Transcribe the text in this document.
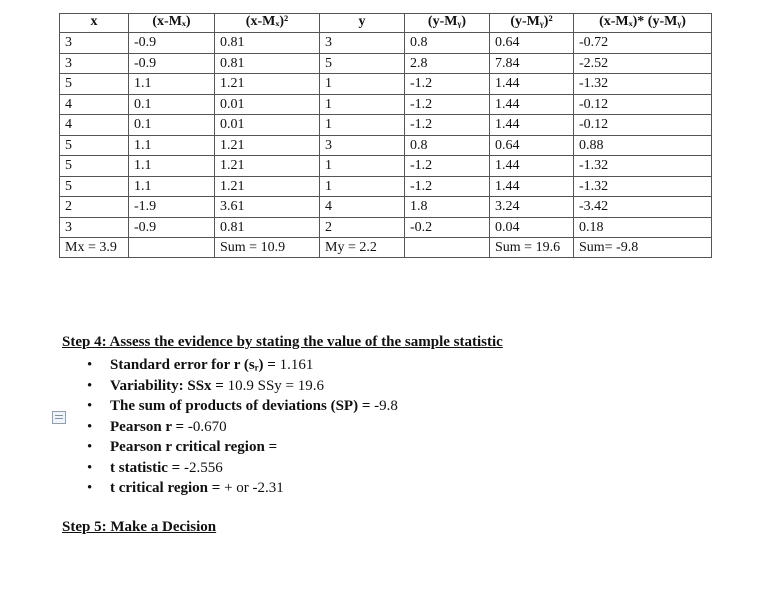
x	(x-Mₓ)	(x-Mₓ)²	y	(y-Mᵧ)	(y-Mᵧ)²	(x-Mₓ)* (y-Mᵧ)
3	-0.9	0.81	3	0.8	0.64	-0.72
3	-0.9	0.81	5	2.8	7.84	-2.52
5	1.1	1.21	1	-1.2	1.44	-1.32
4	0.1	0.01	1	-1.2	1.44	-0.12
4	0.1	0.01	1	-1.2	1.44	-0.12
5	1.1	1.21	3	0.8	0.64	0.88
5	1.1	1.21	1	-1.2	1.44	-1.32
5	1.1	1.21	1	-1.2	1.44	-1.32
2	-1.9	3.61	4	1.8	3.24	-3.42
3	-0.9	0.81	2	-0.2	0.04	0.18
Mx = 3.9		Sum = 10.9	My = 2.2		Sum = 19.6	Sum= -9.8
Step 4: Assess the evidence by stating the value of the sample statistic
• Standard error for r (sᵣ) = 1.161
• Variability: SSx = 10.9 SSy = 19.6
• The sum of products of deviations (SP) = -9.8
• Pearson r = -0.670
• Pearson r critical region =
• t statistic = -2.556
• t critical region = + or -2.31
Step 5: Make a Decision
